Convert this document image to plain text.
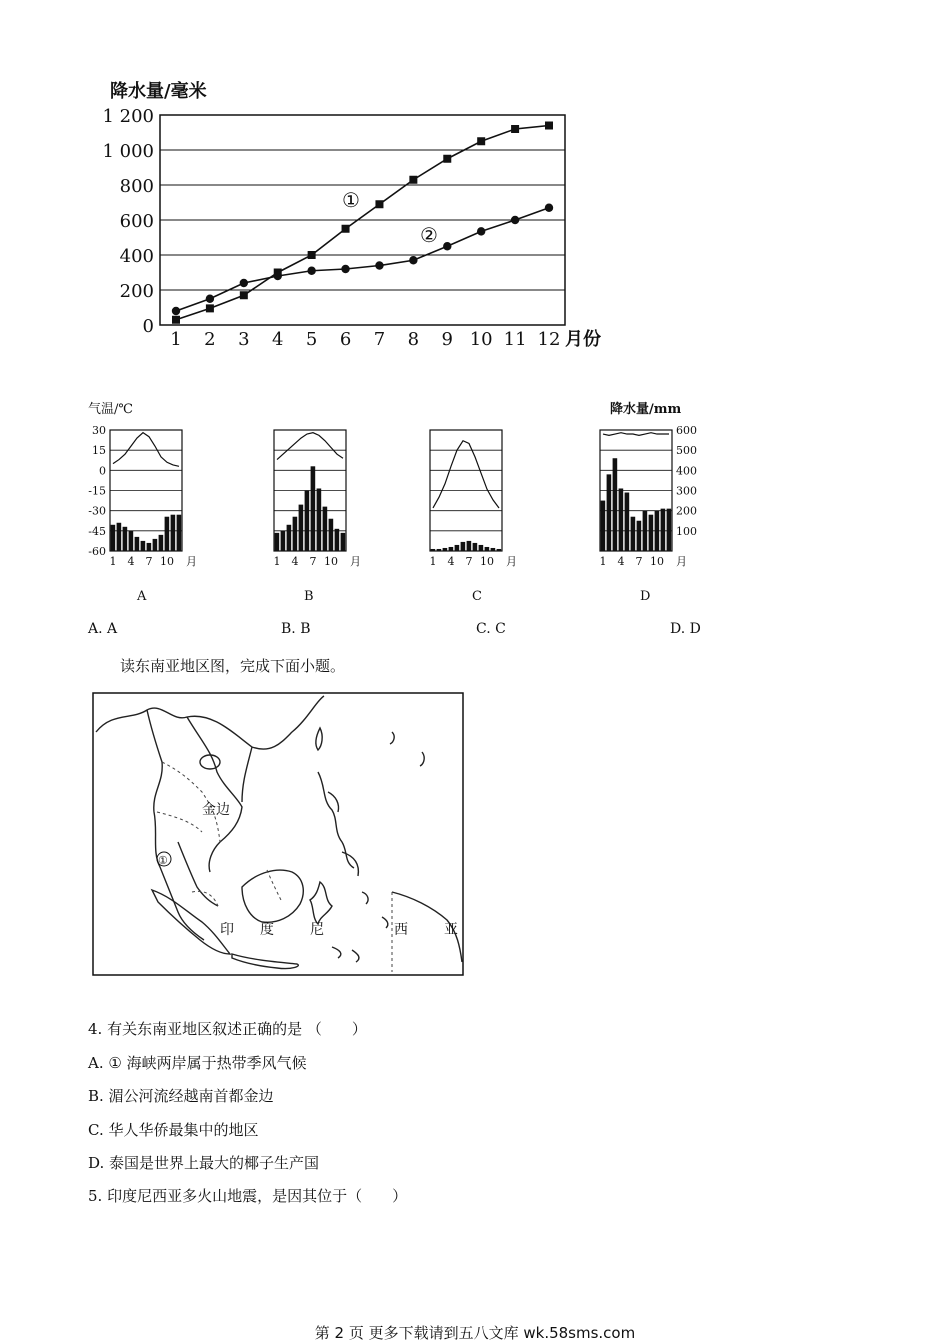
降水量/毫米
0
200
400
600
800
1 000
1 200
1 2 3 4 5 6 7 8 9 10 11 12 月份
①
②
气温/℃	降水量/mm
30
15
0
-15
-30
-45
-60
1 4 7 10 月	1 4 7 10 月	1 4 7 10 月
600
500
400
300
200
100
1 4 7 10 月
A	B	C	D
A. A	B. B	C. C	D. D
读东南亚地区图，完成下面小题。
金边
①
印 度	尼	西	亚
4. 有关东南亚地区叙述正确的是 （　　）
A. ① 海峡两岸属于热带季风气候
B. 湄公河流经越南首都金边
C. 华人华侨最集中的地区
D. 泰国是世界上最大的椰子生产国
5. 印度尼西亚多火山地震，是因其位于（　　）
第 2 页 更多下载请到五八文库 wk.58sms.com
